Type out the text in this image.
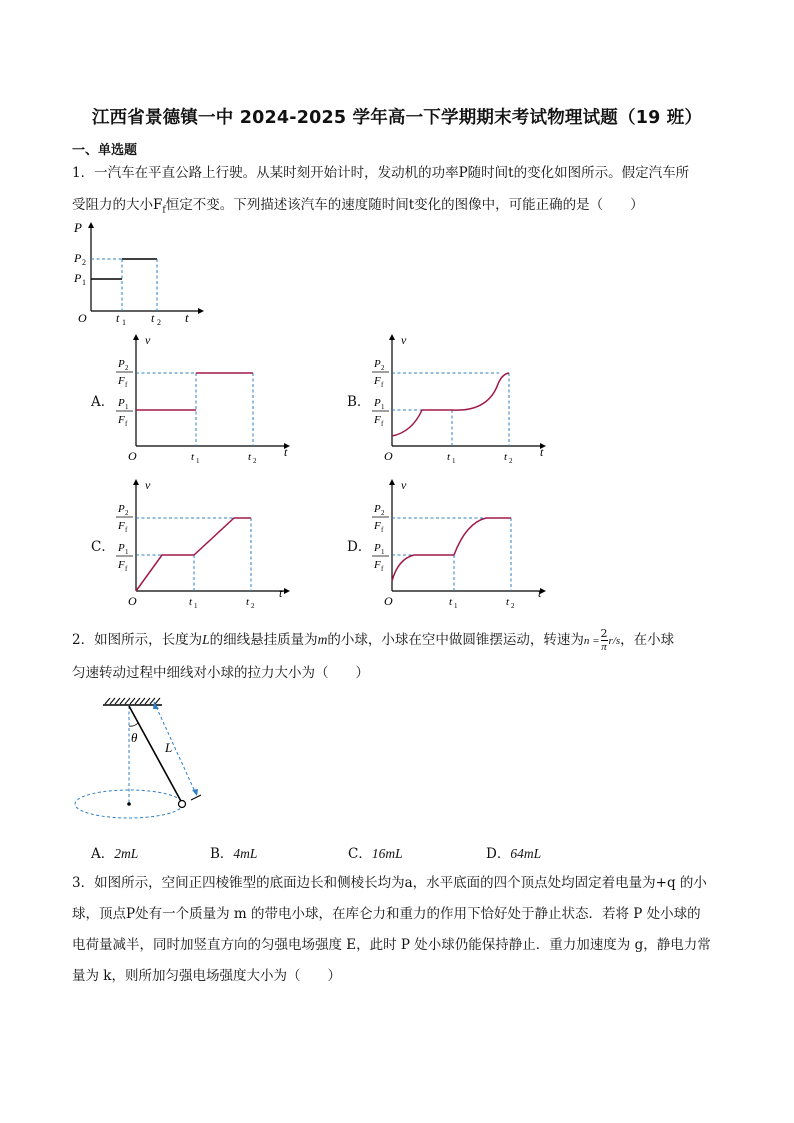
江西省景德镇一中 2024-2025 学年高一下学期期末考试物理试题（19 班）
一、单选题
1．一汽车在平直公路上行驶。从某时刻开始计时，发动机的功率P随时间t的变化如图所示。假定汽车所
受阻力的大小$F_f$恒定不变。下列描述该汽车的速度随时间t变化的图像中，可能正确的是（　　）
P
P 2
P 1
O t 1 t 2 t
A．
v
P 2
F f
P 1
F f
O	t 1	t 2
t
B．
v
P 2
F f
P 1
F f
O	t 1	t 2
t
C．
v
P 2
F f
P 1
F f
O	t 1	t 2
t
D．
v
P 2
F f
P 1
F f
O	t 1	t 2
t
2．如图所示，长度为L的细线悬挂质量为m的小球，小球在空中做圆锥摆运动，转速为$n = \frac{2}{\pi} r/s$，在小球
匀速转动过程中细线对小球的拉力大小为（　　）
θ
L
A．2mL	B．4mL	C．16mL	D．64mL
3．如图所示，空间正四棱锥型的底面边长和侧棱长均为a，水平底面的四个顶点处均固定着电量为+q 的小
球，顶点P处有一个质量为 m 的带电小球，在库仑力和重力的作用下恰好处于静止状态．若将 P 处小球的
电荷量减半，同时加竖直方向的匀强电场强度 E，此时 P 处小球仍能保持静止．重力加速度为 g，静电力常
量为 k，则所加匀强电场强度大小为（　　）
